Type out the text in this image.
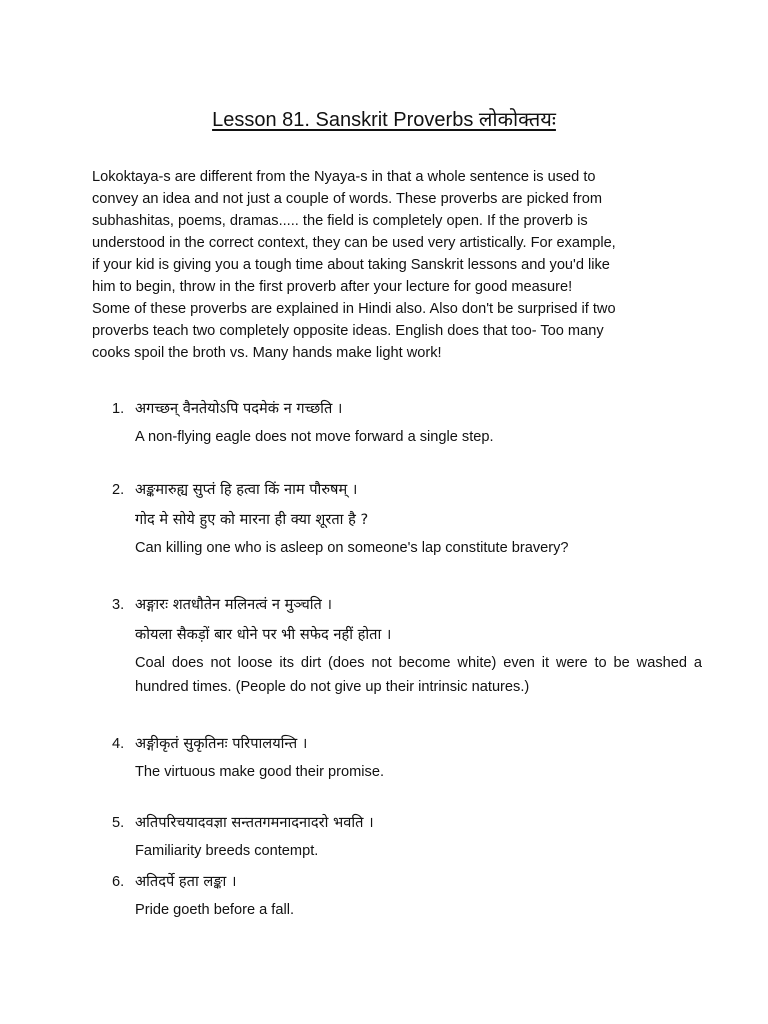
Lesson 81. Sanskrit Proverbs लोकोक्तयः
Lokoktaya-s are different from the Nyaya-s in that a whole sentence is used to
convey an idea and not just a couple of words. These proverbs are picked from
subhashitas, poems, dramas..... the field is completely open. If the proverb is
understood in the correct context, they can be used very artistically. For example,
if your kid is giving you a tough time about taking Sanskrit lessons and you'd like
him to begin, throw in the first proverb after your lecture for good measure!
Some of these proverbs are explained in Hindi also. Also don't be surprised if two
proverbs teach two completely opposite ideas. English does that too- Too many
cooks spoil the broth vs. Many hands make light work!
1. अगच्छन् वैनतेयोऽपि पदमेकं न गच्छति ।
A non-flying eagle does not move forward a single step.
2. अङ्कमारुह्य सुप्तं हि हत्वा किं नाम पौरुषम् ।
गोद मे सोये हुए को मारना ही क्या शूरता है ?
Can killing one who is asleep on someone's lap constitute bravery?
3. अङ्गारः शतधौतेन मलिनत्वं न मुञ्चति ।
कोयला सैकड़ों बार धोने पर भी सफेद नहीं होता ।
Coal does not loose its dirt (does not become white) even it were to be washed a hundred times. (People do not give up their intrinsic natures.)
4. अङ्गीकृतं सुकृतिनः परिपालयन्ति ।
The virtuous make good their promise.
5. अतिपरिचयादवज्ञा सन्ततगमनादनादरो भवति ।
Familiarity breeds contempt.
6. अतिदर्पे हता लङ्का ।
Pride goeth before a fall.
